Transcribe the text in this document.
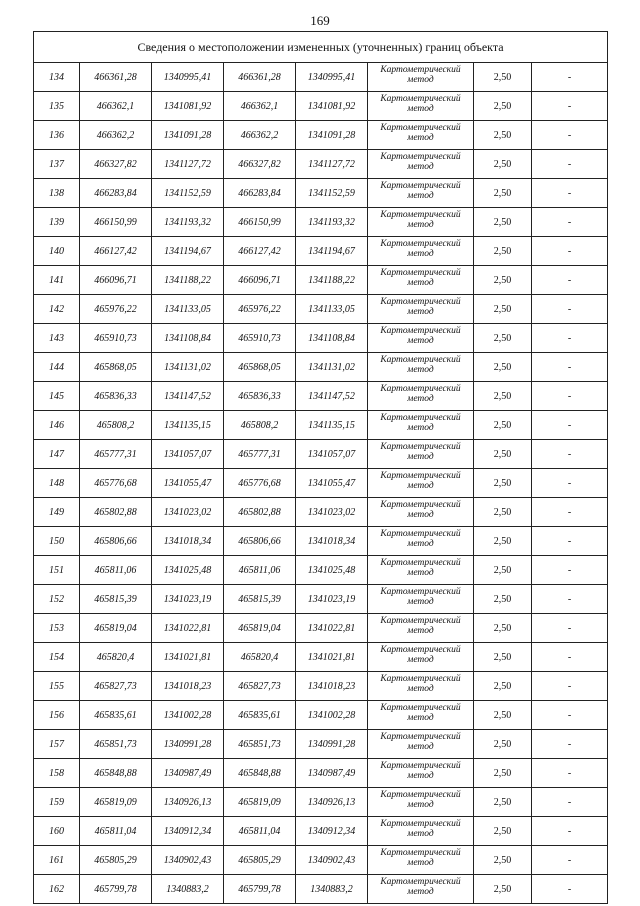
169
Сведения о местоположении измененных (уточненных) границ объекта							
134	466361,28	1340995,41	466361,28	1340995,41	Картометрический метод	2,50	-
135	466362,1	1341081,92	466362,1	1341081,92	Картометрический метод	2,50	-
136	466362,2	1341091,28	466362,2	1341091,28	Картометрический метод	2,50	-
137	466327,82	1341127,72	466327,82	1341127,72	Картометрический метод	2,50	-
138	466283,84	1341152,59	466283,84	1341152,59	Картометрический метод	2,50	-
139	466150,99	1341193,32	466150,99	1341193,32	Картометрический метод	2,50	-
140	466127,42	1341194,67	466127,42	1341194,67	Картометрический метод	2,50	-
141	466096,71	1341188,22	466096,71	1341188,22	Картометрический метод	2,50	-
142	465976,22	1341133,05	465976,22	1341133,05	Картометрический метод	2,50	-
143	465910,73	1341108,84	465910,73	1341108,84	Картометрический метод	2,50	-
144	465868,05	1341131,02	465868,05	1341131,02	Картометрический метод	2,50	-
145	465836,33	1341147,52	465836,33	1341147,52	Картометрический метод	2,50	-
146	465808,2	1341135,15	465808,2	1341135,15	Картометрический метод	2,50	-
147	465777,31	1341057,07	465777,31	1341057,07	Картометрический метод	2,50	-
148	465776,68	1341055,47	465776,68	1341055,47	Картометрический метод	2,50	-
149	465802,88	1341023,02	465802,88	1341023,02	Картометрический метод	2,50	-
150	465806,66	1341018,34	465806,66	1341018,34	Картометрический метод	2,50	-
151	465811,06	1341025,48	465811,06	1341025,48	Картометрический метод	2,50	-
152	465815,39	1341023,19	465815,39	1341023,19	Картометрический метод	2,50	-
153	465819,04	1341022,81	465819,04	1341022,81	Картометрический метод	2,50	-
154	465820,4	1341021,81	465820,4	1341021,81	Картометрический метод	2,50	-
155	465827,73	1341018,23	465827,73	1341018,23	Картометрический метод	2,50	-
156	465835,61	1341002,28	465835,61	1341002,28	Картометрический метод	2,50	-
157	465851,73	1340991,28	465851,73	1340991,28	Картометрический метод	2,50	-
158	465848,88	1340987,49	465848,88	1340987,49	Картометрический метод	2,50	-
159	465819,09	1340926,13	465819,09	1340926,13	Картометрический метод	2,50	-
160	465811,04	1340912,34	465811,04	1340912,34	Картометрический метод	2,50	-
161	465805,29	1340902,43	465805,29	1340902,43	Картометрический метод	2,50	-
162	465799,78	1340883,2	465799,78	1340883,2	Картометрический метод	2,50	-
